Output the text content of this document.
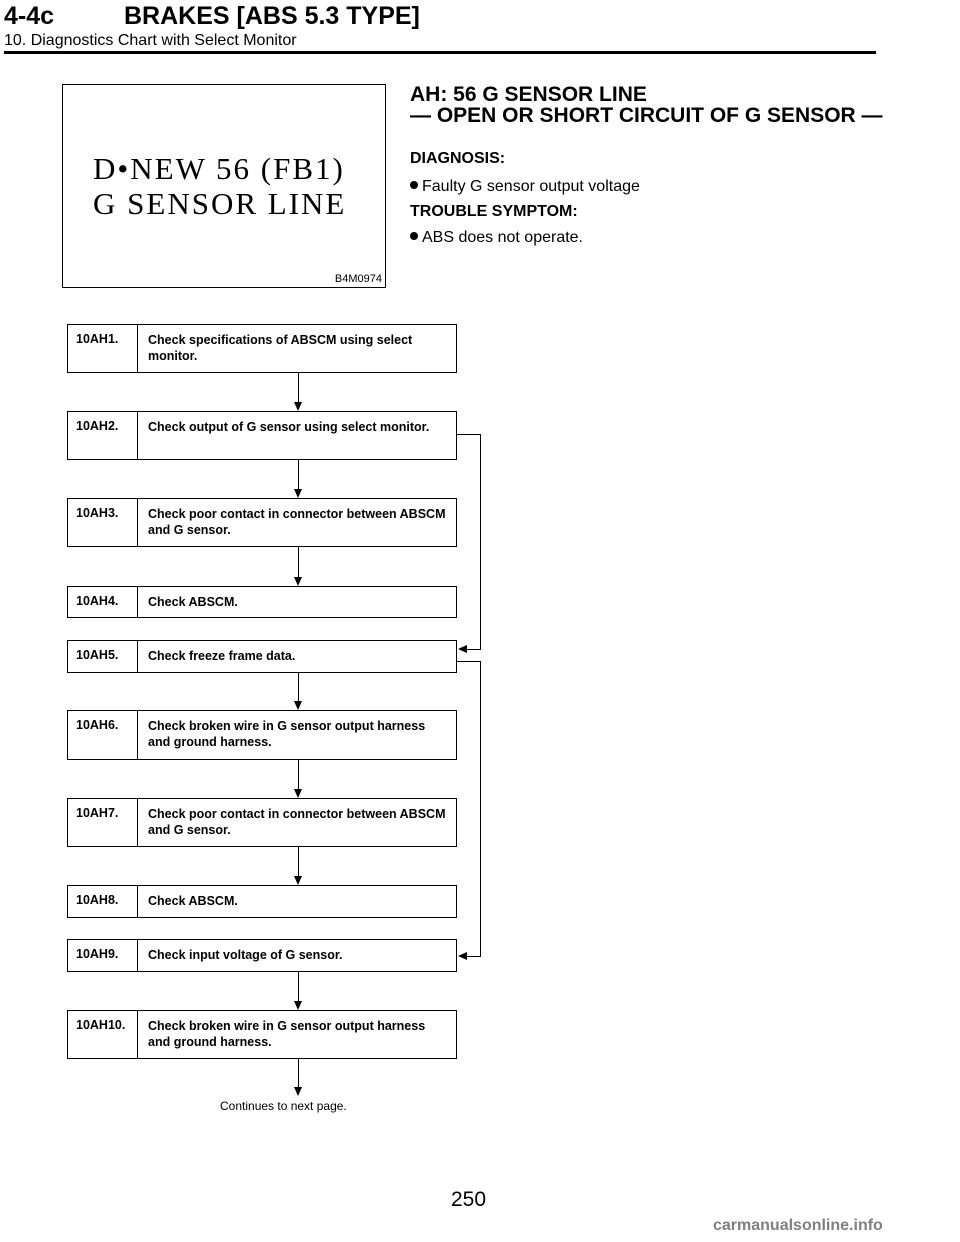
4-4c	BRAKES [ABS 5.3 TYPE]
10. Diagnostics Chart with Select Monitor
D•NEW 56 (FB1)
G SENSOR LINE
B4M0974
AH: 56 G SENSOR LINE
— OPEN OR SHORT CIRCUIT OF G SENSOR —
DIAGNOSIS:
Faulty G sensor output voltage
TROUBLE SYMPTOM:
ABS does not operate.
10AH1.	Check specifications of ABSCM using select monitor.
10AH2.	Check output of G sensor using select monitor.
10AH3.	Check poor contact in connector between ABSCM and G sensor.
10AH4.	Check ABSCM.
10AH5.	Check freeze frame data.
10AH6.	Check broken wire in G sensor output harness and ground harness.
10AH7.	Check poor contact in connector between ABSCM and G sensor.
10AH8.	Check ABSCM.
10AH9.	Check input voltage of G sensor.
10AH10.	Check broken wire in G sensor output harness and ground harness.
Continues to next page.
250
carmanualsonline.info
